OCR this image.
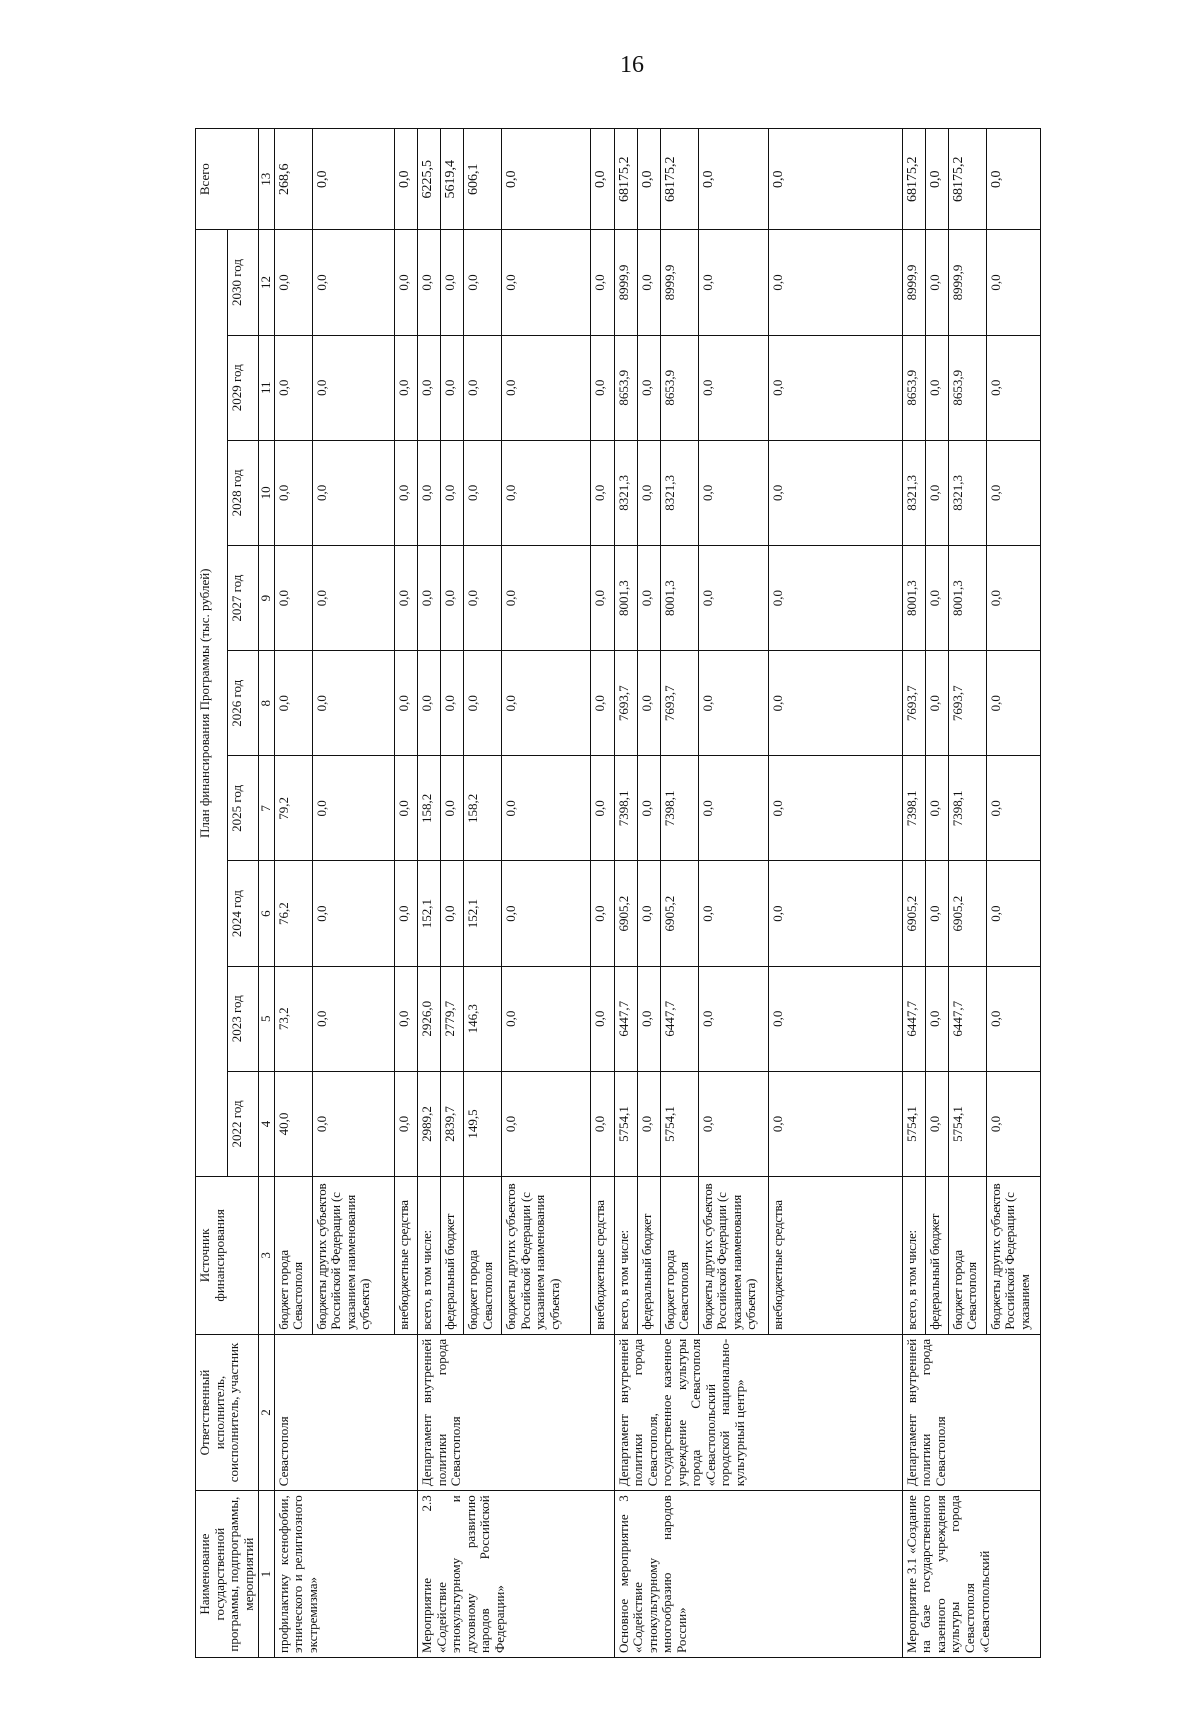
16
Наименование государственной программы, подпрограммы, мероприятий	Ответственный исполнитель, соисполнитель, участник	Источник финансирования	План финансирования Программы (тыс. рублей)									Всего
			2022 год	2023 год	2024 год	2025 год	2026 год	2027 год	2028 год	2029 год	2030 год	
1	2	3	4	5	6	7	8	9	10	11	12	13
профилактику ксенофобии, этнического и религиозного экстремизма»	Севастополя	бюджет города Севастополя	40,0	73,2	76,2	79,2	0,0	0,0	0,0	0,0	0,0	268,6
		бюджеты других субъектов Российской Федерации (с указанием наименования субъекта)	0,0	0,0	0,0	0,0	0,0	0,0	0,0	0,0	0,0	0,0
		внебюджетные средства	0,0	0,0	0,0	0,0	0,0	0,0	0,0	0,0	0,0	0,0
Мероприятие 2.3 «Содействие этнокультурному и духовному развитию народов Российской Федерации»	Департамент внутренней политики города Севастополя	всего, в том числе:	2989,2	2926,0	152,1	158,2	0,0	0,0	0,0	0,0	0,0	6225,5
		федеральный бюджет	2839,7	2779,7	0,0	0,0	0,0	0,0	0,0	0,0	0,0	5619,4
		бюджет города Севастополя	149,5	146,3	152,1	158,2	0,0	0,0	0,0	0,0	0,0	606,1
		бюджеты других субъектов Российской Федерации (с указанием наименования субъекта)	0,0	0,0	0,0	0,0	0,0	0,0	0,0	0,0	0,0	0,0
		внебюджетные средства	0,0	0,0	0,0	0,0	0,0	0,0	0,0	0,0	0,0	0,0
Основное мероприятие 3 «Содействие этнокультурному многообразию народов России»	Департамент внутренней политики города Севастополя, государственное казенное учреждение культуры города Севастополя «Севастопольский городской национально-культурный центр»	всего, в том числе:	5754,1	6447,7	6905,2	7398,1	7693,7	8001,3	8321,3	8653,9	8999,9	68175,2
		федеральный бюджет	0,0	0,0	0,0	0,0	0,0	0,0	0,0	0,0	0,0	0,0
		бюджет города Севастополя	5754,1	6447,7	6905,2	7398,1	7693,7	8001,3	8321,3	8653,9	8999,9	68175,2
		бюджеты других субъектов Российской Федерации (с указанием наименования субъекта)	0,0	0,0	0,0	0,0	0,0	0,0	0,0	0,0	0,0	0,0
		внебюджетные средства	0,0	0,0	0,0	0,0	0,0	0,0	0,0	0,0	0,0	0,0
Мероприятие 3.1 «Создание на базе государственного казенного учреждения культуры города Севастополя «Севастопольский	Департамент внутренней политики города Севастополя	всего, в том числе:	5754,1	6447,7	6905,2	7398,1	7693,7	8001,3	8321,3	8653,9	8999,9	68175,2
		федеральный бюджет	0,0	0,0	0,0	0,0	0,0	0,0	0,0	0,0	0,0	0,0
		бюджет города Севастополя	5754,1	6447,7	6905,2	7398,1	7693,7	8001,3	8321,3	8653,9	8999,9	68175,2
		бюджеты других субъектов Российской Федерации (с указанием	0,0	0,0	0,0	0,0	0,0	0,0	0,0	0,0	0,0	0,0
